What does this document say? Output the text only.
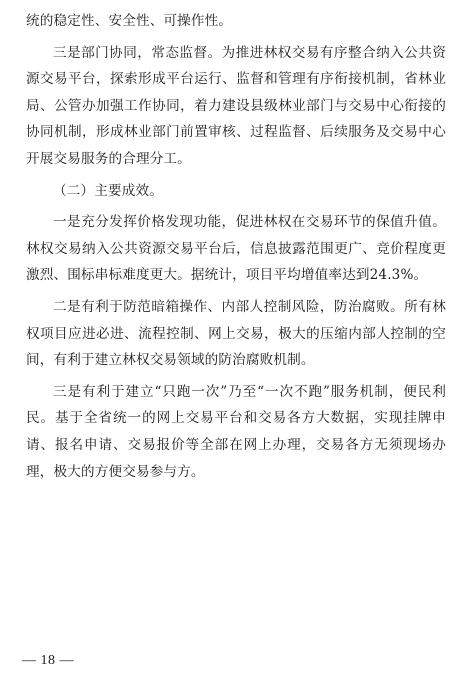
统的稳定性、安全性、可操作性。

三是部门协同，常态监督。为推进林权交易有序整合纳入公共资源交易平台，探索形成平台运行、监督和管理有序衔接机制，省林业局、公管办加强工作协同，着力建设县级林业部门与交易中心衔接的协同机制，形成林业部门前置审核、过程监督、后续服务及交易中心开展交易服务的合理分工。

（二）主要成效。

一是充分发挥价格发现功能，促进林权在交易环节的保值升值。林权交易纳入公共资源交易平台后，信息披露范围更广、竞价程度更激烈、围标串标难度更大。据统计，项目平均增值率达到24.3%。

二是有利于防范暗箱操作、内部人控制风险，防治腐败。所有林权项目应进必进、流程控制、网上交易，极大的压缩内部人控制的空间，有利于建立林权交易领域的防治腐败机制。

三是有利于建立“只跑一次”乃至“一次不跑”服务机制，便民利民。基于全省统一的网上交易平台和交易各方大数据，实现挂牌申请、报名申请、交易报价等全部在网上办理，交易各方无须现场办理，极大的方便交易参与方。

— 18 —
